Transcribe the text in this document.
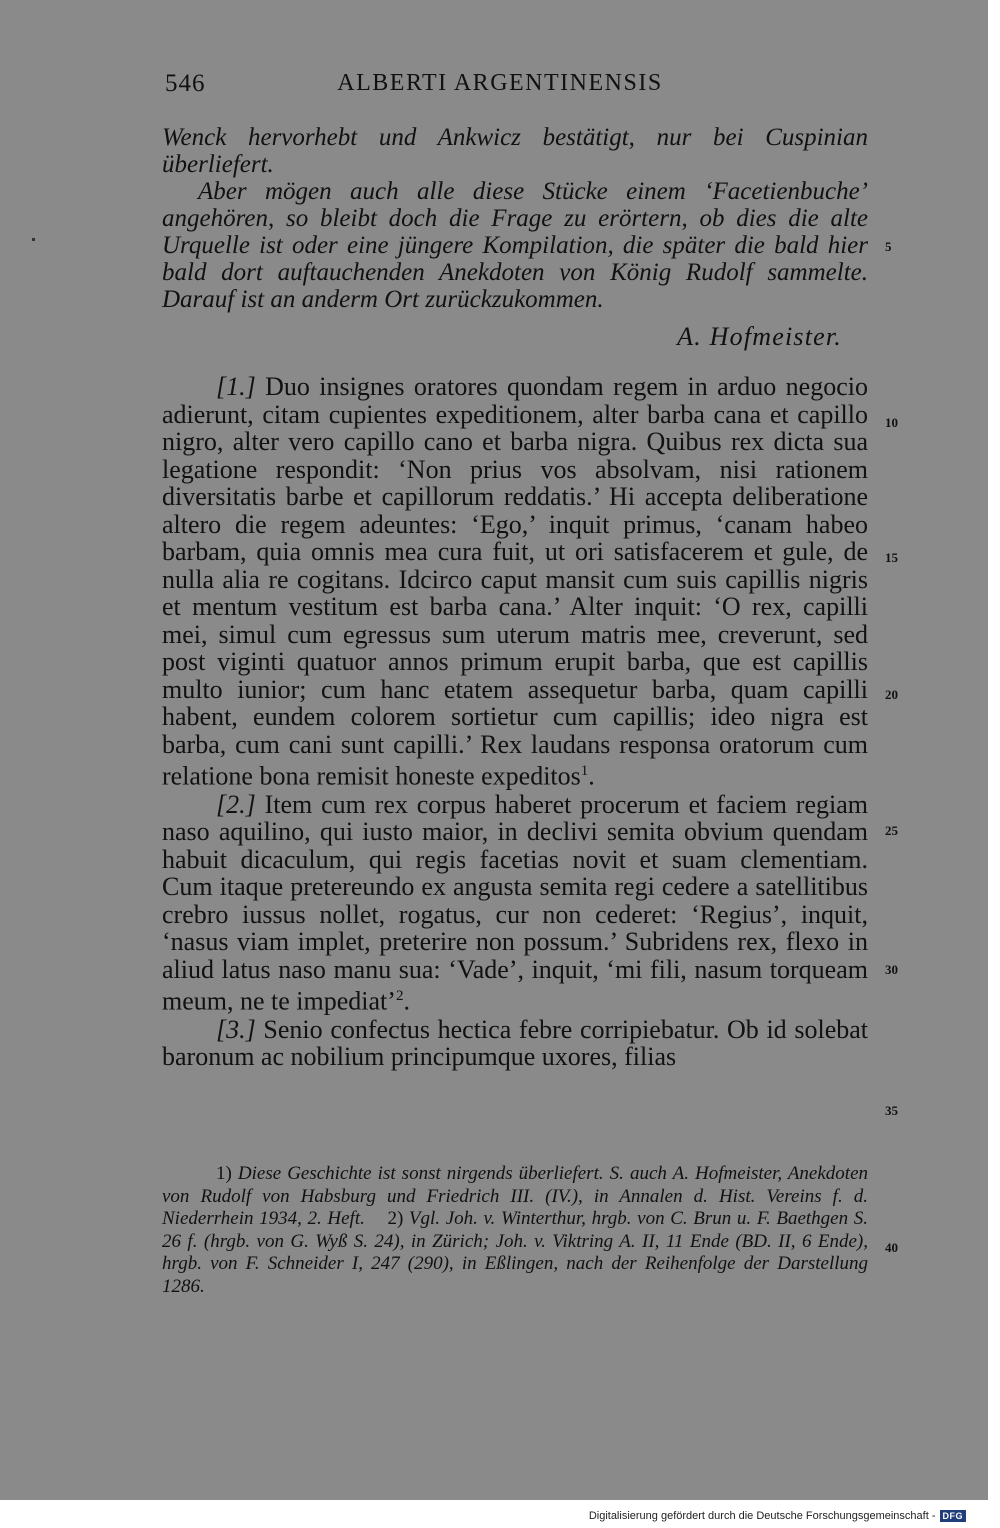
546	ALBERTI ARGENTINENSIS

Wenck hervorhebt und Ankwicz bestätigt, nur bei Cuspinian überliefert.

Aber mögen auch alle diese Stücke einem ‘Facetienbuche’ angehören, so bleibt doch die Frage zu erörtern, ob dies die alte Urquelle ist oder eine jüngere Kompilation, die später die bald hier bald dort auftauchenden Anekdoten von König Rudolf sammelte. Darauf ist an anderm Ort zurückzukommen.

A. Hofmeister.

[1.] Duo insignes oratores quondam regem in arduo negocio adierunt, citam cupientes expeditionem, alter barba cana et capillo nigro, alter vero capillo cano et barba nigra. Quibus rex dicta sua legatione respondit: ‘Non prius vos absolvam, nisi rationem diversitatis barbe et capillorum reddatis.’ Hi accepta deliberatione altero die regem adeuntes: ‘Ego,’ inquit primus, ‘canam habeo barbam, quia omnis mea cura fuit, ut ori satisfacerem et gule, de nulla alia re cogitans. Idcirco caput mansit cum suis capillis nigris et mentum vestitum est barba cana.’ Alter inquit: ‘O rex, capilli mei, simul cum egressus sum uterum matris mee, creverunt, sed post viginti quatuor annos primum erupit barba, que est capillis multo iunior; cum hanc etatem assequetur barba, quam capilli habent, eundem colorem sortietur cum capillis; ideo nigra est barba, cum cani sunt capilli.’ Rex laudans responsa oratorum cum relatione bona remisit honeste expeditos$^1$.

[2.] Item cum rex corpus haberet procerum et faciem regiam naso aquilino, qui iusto maior, in declivi semita obvium quendam habuit dicaculum, qui regis facetias novit et suam clementiam. Cum itaque pretereundo ex angusta semita regi cedere a satellitibus crebro iussus nollet, rogatus, cur non cederet: ‘Regius’, inquit, ‘nasus viam implet, preterire non possum.’ Subridens rex, flexo in aliud latus naso manu sua: ‘Vade’, inquit, ‘mi fili, nasum torqueam meum, ne te impediat’$^2$.

[3.] Senio confectus hectica febre corripiebatur. Ob id solebat baronum ac nobilium principumque uxores, filias

1) Diese Geschichte ist sonst nirgends überliefert. S. auch A. Hofmeister, Anekdoten von Rudolf von Habsburg und Friedrich III. (IV.), in Annalen d. Hist. Vereins f. d. Niederrhein 1934, 2. Heft. 2) Vgl. Joh. v. Winterthur, hrgb. von C. Brun u. F. Baethgen S. 26 f. (hrgb. von G. Wyß S. 24), in Zürich; Joh. v. Viktring A. II, 11 Ende (BD. II, 6 Ende), hrgb. von F. Schneider I, 247 (290), in Eßlingen, nach der Reihenfolge der Darstellung 1286.
5
10
15
20
25
30
35
40
Digitalisierung gefördert durch die Deutsche Forschungsgemeinschaft - DFG
